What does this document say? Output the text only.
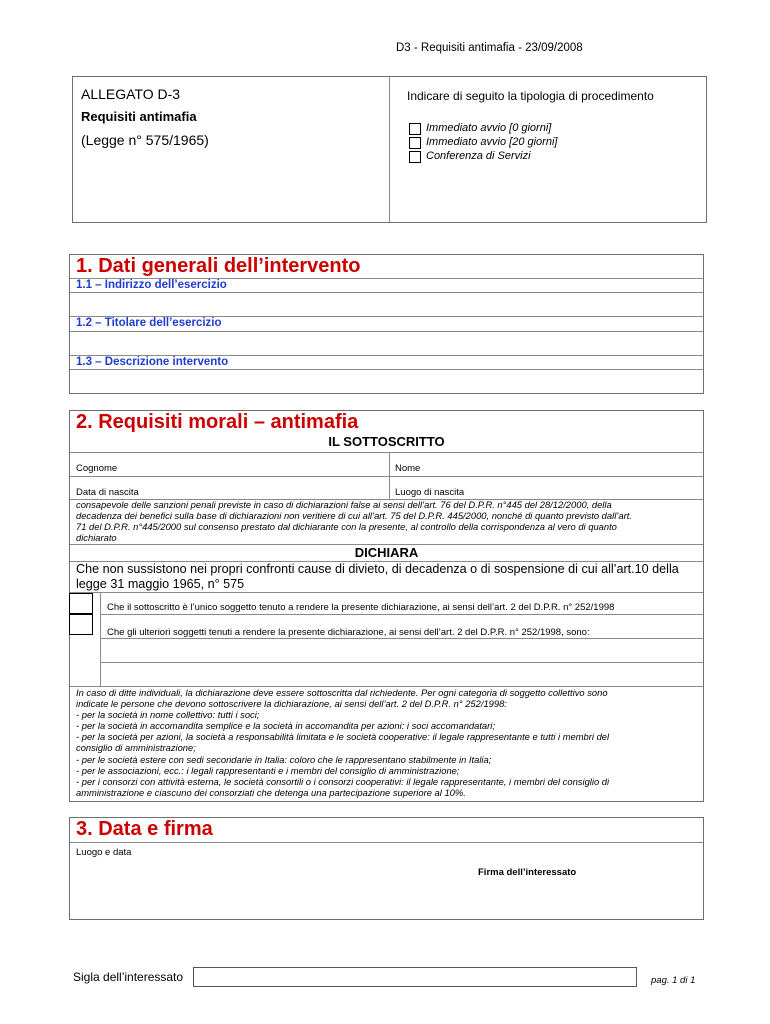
D3 - Requisiti antimafia - 23/09/2008
ALLEGATO D-3
Requisiti antimafia
(Legge n° 575/1965)
Indicare di seguito la tipologia di procedimento
Immediato avvio [0 giorni]
Immediato avvio [20 giorni]
Conferenza di Servizi
1. Dati generali dell’intervento
1.1 – Indirizzo dell’esercizio
1.2 – Titolare dell’esercizio
1.3 – Descrizione intervento
2. Requisiti morali – antimafia
IL SOTTOSCRITTO
Cognome	Nome
Data di nascita	Luogo di nascita
consapevole delle sanzioni penali previste in caso di dichiarazioni false ai sensi dell’art. 76 del D.P.R. n°445 del 28/12/2000, della
decadenza dei benefici sulla base di dichiarazioni non veritiere di cui all’art. 75 del D.P.R. 445/2000, nonché di quanto previsto dall’art.
71 del D.P.R. n°445/2000 sul consenso prestato dal dichiarante con la presente, al controllo della corrispondenza al vero di quanto
dichiarato
DICHIARA
Che non sussistono nei propri confronti cause di divieto, di decadenza o di sospensione di cui all’art.10 della
legge 31 maggio 1965, n° 575
Che il sottoscritto è l’unico soggetto tenuto a rendere la presente dichiarazione, ai sensi dell’art. 2 del D.P.R. n° 252/1998
Che gli ulteriori soggetti tenuti a rendere la presente dichiarazione, ai sensi dell’art. 2 del D.P.R. n° 252/1998, sono:
In caso di ditte individuali, la dichiarazione deve essere sottoscritta dal richiedente. Per ogni categoria di soggetto collettivo sono
indicate le persone che devono sottoscrivere la dichiarazione, ai sensi dell’art. 2 del D.P.R. n° 252/1998:
- per la società in nome collettivo: tutti i soci;
- per la società in accomandita semplice e la società in accomandita per azioni: i soci accomandatari;
- per la società per azioni, la società a responsabilità limitata e le società cooperative: il legale rappresentante e tutti i membri del
consiglio di amministrazione;
- per le società estere con sedi secondarie in Italia: coloro che le rappresentano stabilmente in Italia;
- per le associazioni, ecc.: i legali rappresentanti e i membri del consiglio di amministrazione;
- per i consorzi con attività esterna, le società consortili o i consorzi cooperativi: il legale rappresentante, i membri del consiglio di
amministrazione e ciascuno dei consorziati che detenga una partecipazione superiore al 10%.
3. Data e firma
Luogo e data
Firma dell’interessato
Sigla dell’interessato	pag. 1 di 1
